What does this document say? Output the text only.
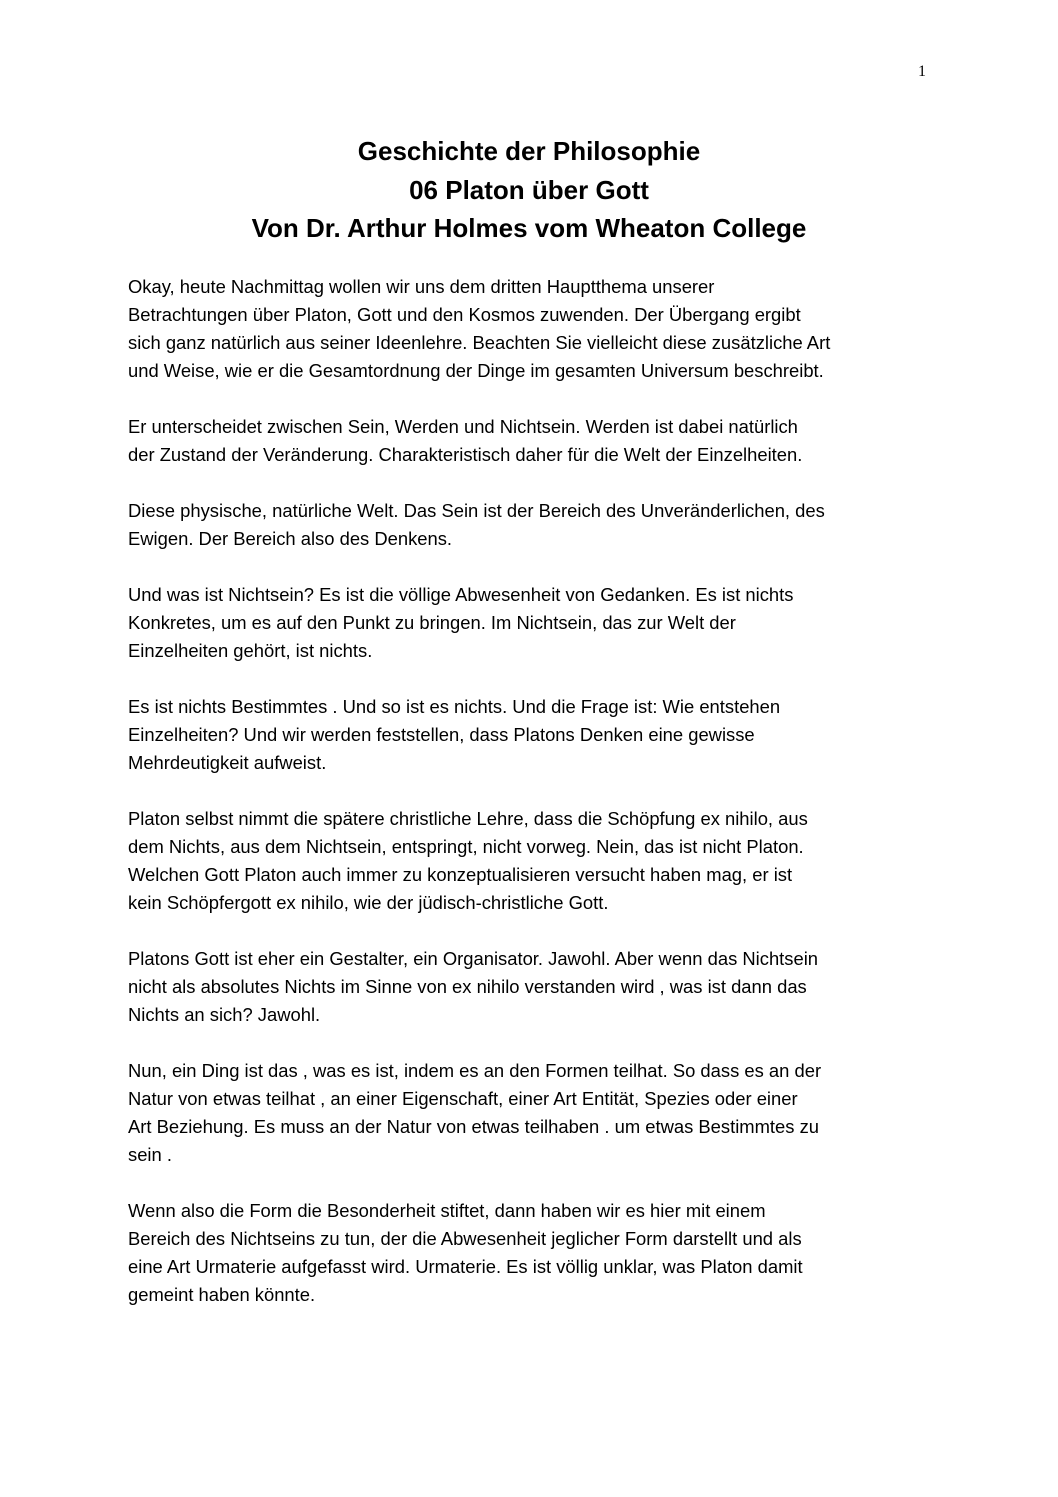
1
Geschichte der Philosophie
06 Platon über Gott
Von Dr. Arthur Holmes vom Wheaton College

Okay, heute Nachmittag wollen wir uns dem dritten Hauptthema unserer
Betrachtungen über Platon, Gott und den Kosmos zuwenden. Der Übergang ergibt
sich ganz natürlich aus seiner Ideenlehre. Beachten Sie vielleicht diese zusätzliche Art
und Weise, wie er die Gesamtordnung der Dinge im gesamten Universum beschreibt.

Er unterscheidet zwischen Sein, Werden und Nichtsein. Werden ist dabei natürlich
der Zustand der Veränderung. Charakteristisch daher für die Welt der Einzelheiten.

Diese physische, natürliche Welt. Das Sein ist der Bereich des Unveränderlichen, des
Ewigen. Der Bereich also des Denkens.

Und was ist Nichtsein? Es ist die völlige Abwesenheit von Gedanken. Es ist nichts
Konkretes, um es auf den Punkt zu bringen. Im Nichtsein, das zur Welt der
Einzelheiten gehört, ist nichts.

Es ist nichts Bestimmtes . Und so ist es nichts. Und die Frage ist: Wie entstehen
Einzelheiten? Und wir werden feststellen, dass Platons Denken eine gewisse
Mehrdeutigkeit aufweist.

Platon selbst nimmt die spätere christliche Lehre, dass die Schöpfung ex nihilo, aus
dem Nichts, aus dem Nichtsein, entspringt, nicht vorweg. Nein, das ist nicht Platon.
Welchen Gott Platon auch immer zu konzeptualisieren versucht haben mag, er ist
kein Schöpfergott ex nihilo, wie der jüdisch-christliche Gott.

Platons Gott ist eher ein Gestalter, ein Organisator. Jawohl. Aber wenn das Nichtsein
nicht als absolutes Nichts im Sinne von ex nihilo verstanden wird , was ist dann das
Nichts an sich? Jawohl.

Nun, ein Ding ist das , was es ist, indem es an den Formen teilhat. So dass es an der
Natur von etwas teilhat , an einer Eigenschaft, einer Art Entität, Spezies oder einer
Art Beziehung. Es muss an der Natur von etwas teilhaben . um etwas Bestimmtes zu
sein .

Wenn also die Form die Besonderheit stiftet, dann haben wir es hier mit einem
Bereich des Nichtseins zu tun, der die Abwesenheit jeglicher Form darstellt und als
eine Art Urmaterie aufgefasst wird. Urmaterie. Es ist völlig unklar, was Platon damit
gemeint haben könnte.
